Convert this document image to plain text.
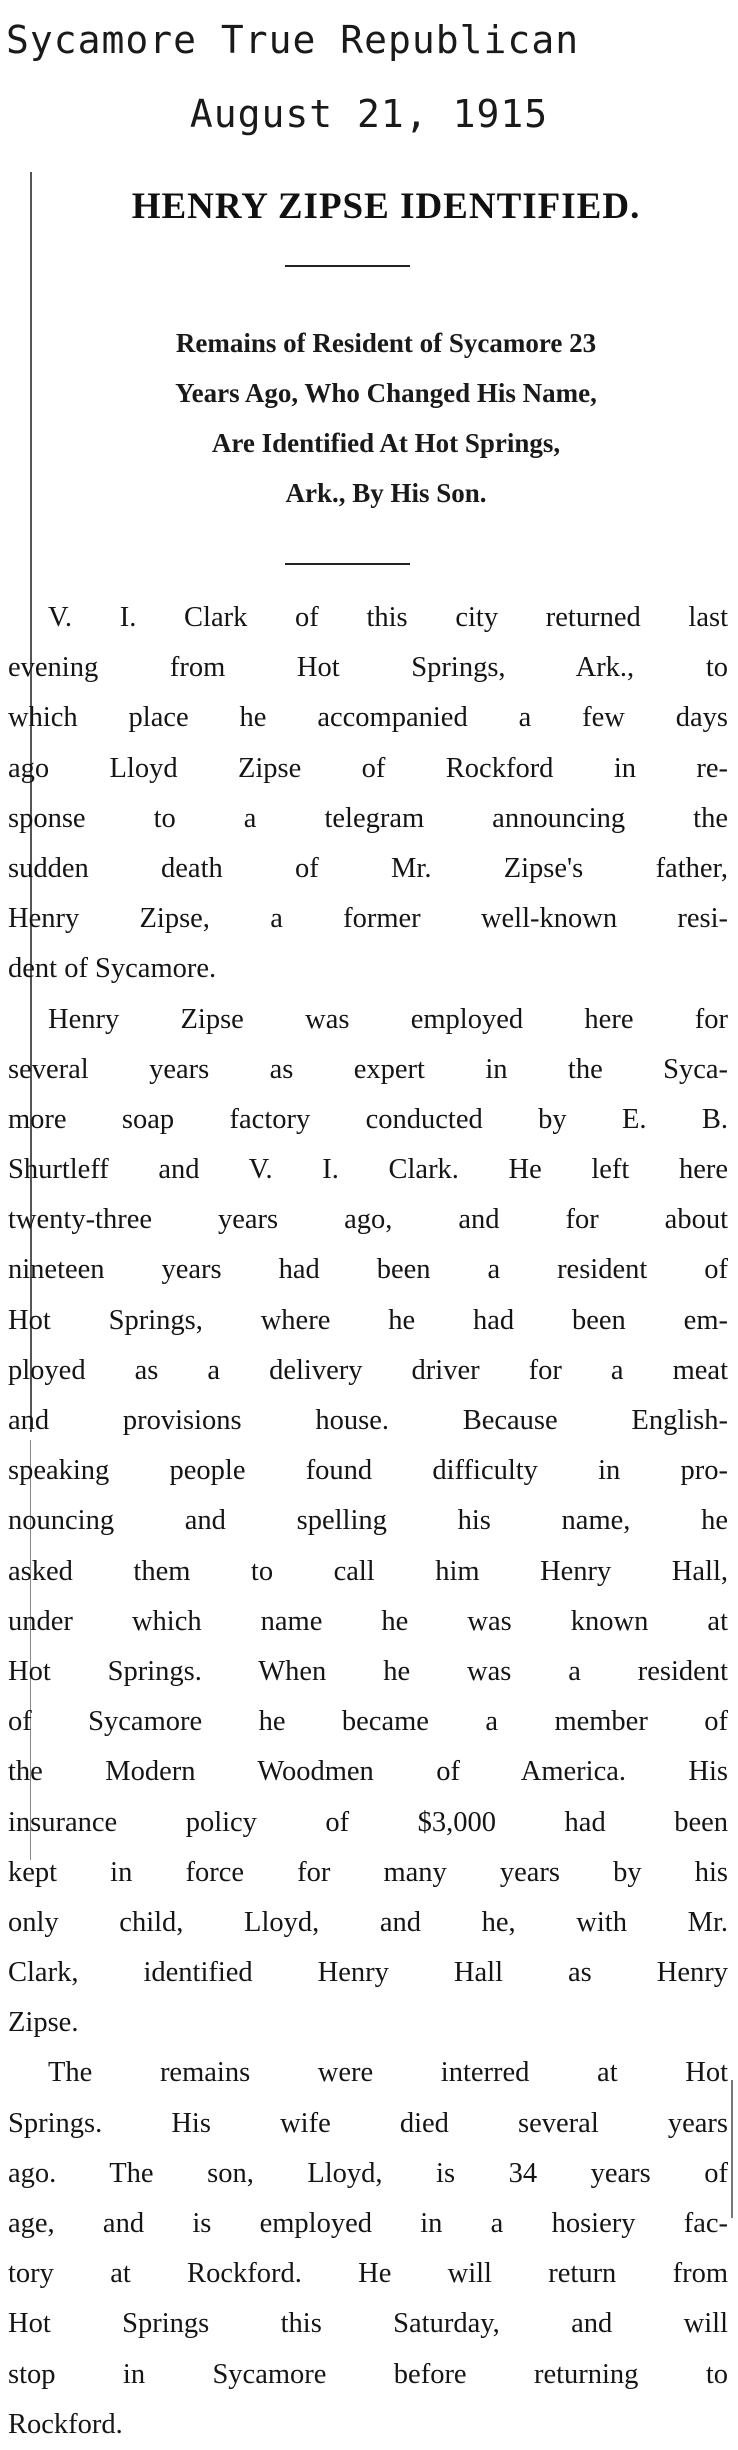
Sycamore True Republican
August 21, 1915
HENRY ZIPSE IDENTIFIED.
Remains of Resident of Sycamore 23
Years Ago, Who Changed His Name,
Are Identified At Hot Springs,
Ark., By His Son.
V. I. Clark of this city returned last
evening from Hot Springs, Ark., to
which place he accompanied a few days
ago Lloyd Zipse of Rockford in re-
sponse to a telegram announcing the
sudden death of Mr. Zipse's father,
Henry Zipse, a former well-known resi-
dent of Sycamore.
Henry Zipse was employed here for
several years as expert in the Syca-
more soap factory conducted by E. B.
Shurtleff and V. I. Clark. He left here
twenty-three years ago, and for about
nineteen years had been a resident of
Hot Springs, where he had been em-
ployed as a delivery driver for a meat
and provisions house. Because English-
speaking people found difficulty in pro-
nouncing and spelling his name, he
asked them to call him Henry Hall,
under which name he was known at
Hot Springs. When he was a resident
of Sycamore he became a member of
the Modern Woodmen of America. His
insurance policy of $3,000 had been
kept in force for many years by his
only child, Lloyd, and he, with Mr.
Clark, identified Henry Hall as Henry
Zipse.
The remains were interred at Hot
Springs. His wife died several years
ago. The son, Lloyd, is 34 years of
age, and is employed in a hosiery fac-
tory at Rockford. He will return from
Hot Springs this Saturday, and will
stop in Sycamore before returning to
Rockford.
